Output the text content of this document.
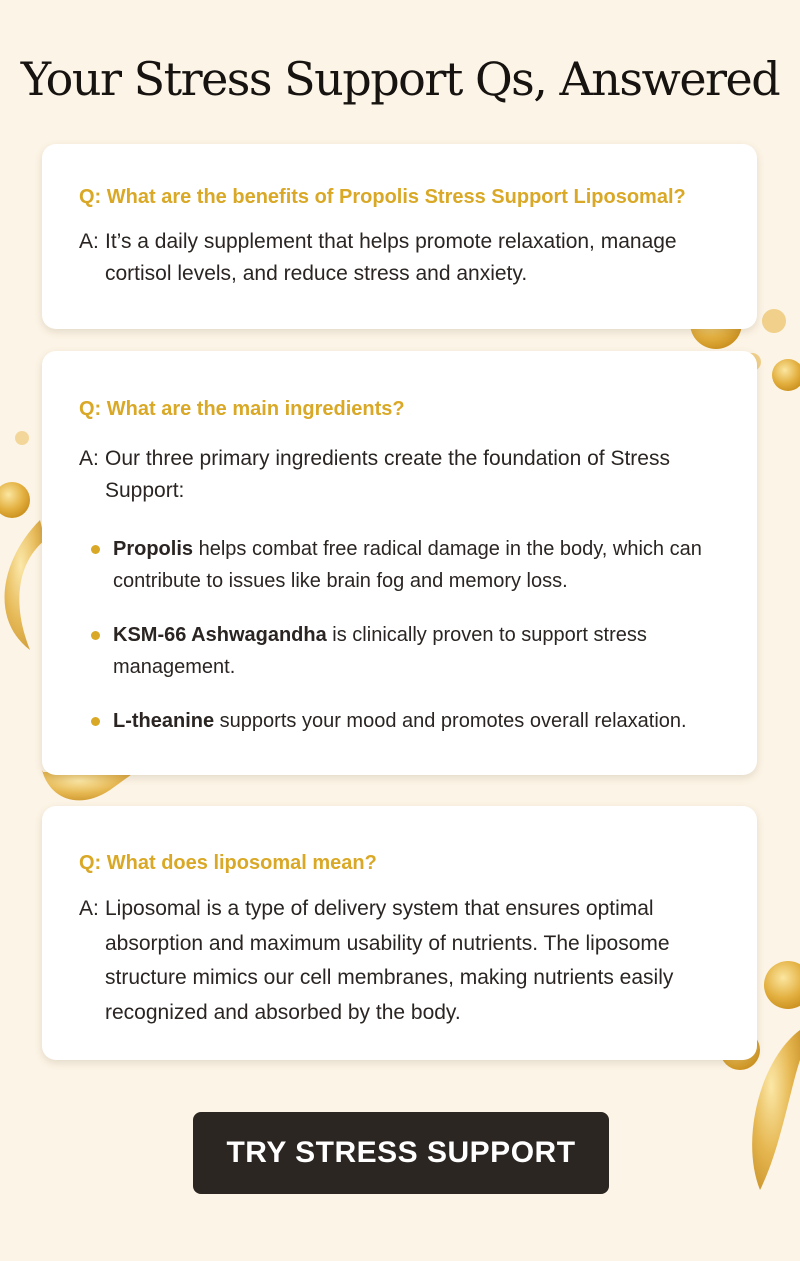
Your Stress Support Qs, Answered

Q: What are the benefits of Propolis Stress Support Liposomal?

A: It’s a daily supplement that helps promote relaxation, manage cortisol levels, and reduce stress and anxiety.

Q: What are the main ingredients?

A: Our three primary ingredients create the foundation of Stress Support:
Propolis helps combat free radical damage in the body, which can contribute to issues like brain fog and memory loss.
KSM-66 Ashwagandha is clinically proven to support stress management.
L-theanine supports your mood and promotes overall relaxation.

Q: What does liposomal mean?

A: Liposomal is a type of delivery system that ensures optimal absorption and maximum usability of nutrients. The liposome structure mimics our cell membranes, making nutrients easily recognized and absorbed by the body.
TRY STRESS SUPPORT
